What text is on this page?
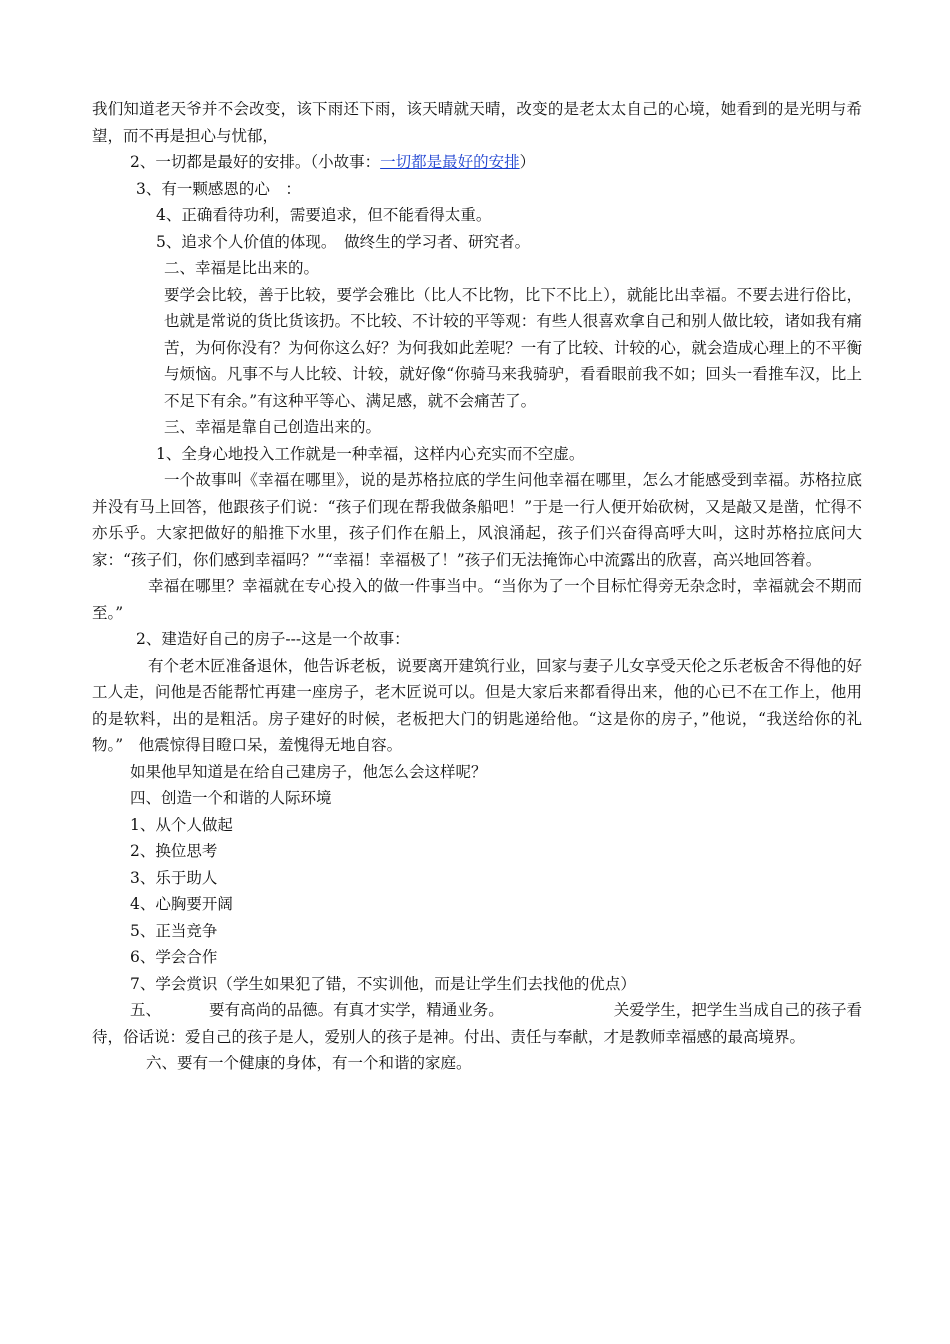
我们知道老天爷并不会改变，该下雨还下雨，该天晴就天晴，改变的是老太太自己的心境，她看到的是光明与希望，而不再是担心与忧郁，

2、一切都是最好的安排。（小故事：一切都是最好的安排）

3、有一颗感恩的心　：

4、正确看待功利，需要追求，但不能看得太重。

5、追求个人价值的体现。　做终生的学习者、研究者。

二、幸福是比出来的。

要学会比较，善于比较，要学会雅比（比人不比物，比下不比上），就能比出幸福。不要去进行俗比，也就是常说的货比货该扔。不比较、不计较的平等观：有些人很喜欢拿自己和别人做比较，诸如我有痛苦，为何你没有？为何你这么好？为何我如此差呢？一有了比较、计较的心，就会造成心理上的不平衡与烦恼。凡事不与人比较、计较，就好像“你骑马来我骑驴，看看眼前我不如；回头一看推车汉，比上不足下有余。”有这种平等心、满足感，就不会痛苦了。

三、幸福是靠自己创造出来的。

1、全身心地投入工作就是一种幸福，这样内心充实而不空虚。

一个故事叫《幸福在哪里》，说的是苏格拉底的学生问他幸福在哪里，怎么才能感受到幸福。苏格拉底并没有马上回答，他跟孩子们说：“孩子们现在帮我做条船吧！”于是一行人便开始砍树，又是敲又是凿，忙得不亦乐乎。大家把做好的船推下水里，孩子们作在船上，风浪涌起，孩子们兴奋得高呼大叫，这时苏格拉底问大家：“孩子们，你们感到幸福吗？”“幸福！幸福极了！”孩子们无法掩饰心中流露出的欣喜，高兴地回答着。

幸福在哪里？幸福就在专心投入的做一件事当中。“当你为了一个目标忙得旁无杂念时，幸福就会不期而至。”

2、建造好自己的房子---这是一个故事：

有个老木匠准备退休，他告诉老板，说要离开建筑行业，回家与妻子儿女享受天伦之乐老板舍不得他的好工人走，问他是否能帮忙再建一座房子，老木匠说可以。但是大家后来都看得出来，他的心已不在工作上，他用的是软料，出的是粗活。房子建好的时候，老板把大门的钥匙递给他。“这是你的房子，”他说，“我送给你的礼物。”　他震惊得目瞪口呆，羞愧得无地自容。

如果他早知道是在给自己建房子，他怎么会这样呢？

四、创造一个和谐的人际环境

1、从个人做起

2、换位思考

3、乐于助人

4、心胸要开阔

5、正当竞争

6、学会合作

7、学会赏识（学生如果犯了错，不实训他，而是让学生们去找他的优点）

五、	要有高尚的品德。有真才实学，精通业务。	关爱学生，把学生当成自己的孩子看待，俗话说：爱自己的孩子是人，爱别人的孩子是神。付出、责任与奉献，才是教师幸福感的最高境界。

六、要有一个健康的身体，有一个和谐的家庭。
